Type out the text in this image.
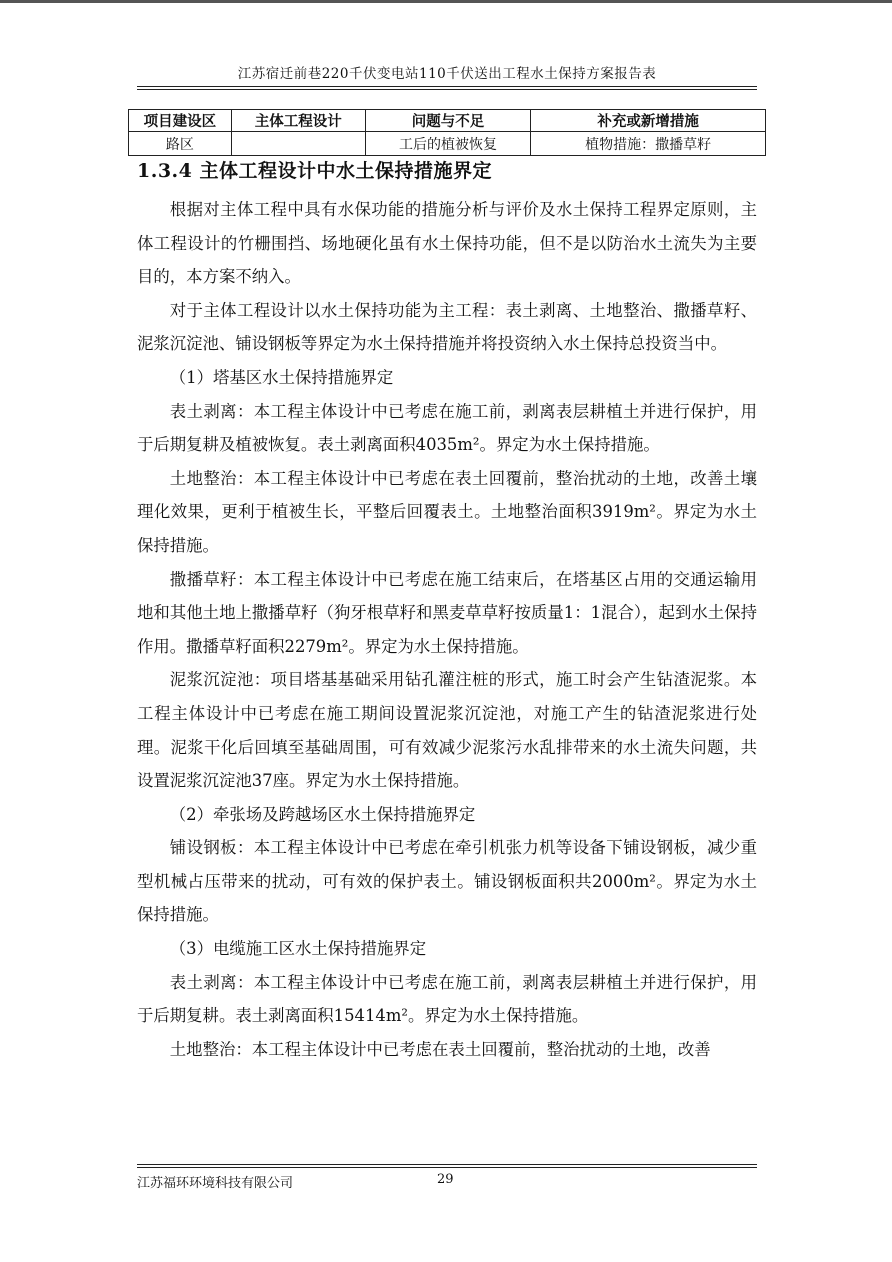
江苏宿迁前巷220千伏变电站110千伏送出工程水土保持方案报告表
项目建设区	主体工程设计	问题与不足	补充或新增措施
路区		工后的植被恢复	植物措施：撒播草籽
1.3.4 主体工程设计中水土保持措施界定

根据对主体工程中具有水保功能的措施分析与评价及水土保持工程界定原则，主体工程设计的竹栅围挡、场地硬化虽有水土保持功能，但不是以防治水土流失为主要目的，本方案不纳入。

对于主体工程设计以水土保持功能为主工程：表土剥离、土地整治、撒播草籽、泥浆沉淀池、铺设钢板等界定为水土保持措施并将投资纳入水土保持总投资当中。

（1）塔基区水土保持措施界定

表土剥离：本工程主体设计中已考虑在施工前，剥离表层耕植土并进行保护，用于后期复耕及植被恢复。表土剥离面积4035m²。界定为水土保持措施。

土地整治：本工程主体设计中已考虑在表土回覆前，整治扰动的土地，改善土壤理化效果，更利于植被生长，平整后回覆表土。土地整治面积3919m²。界定为水土保持措施。

撒播草籽：本工程主体设计中已考虑在施工结束后，在塔基区占用的交通运输用地和其他土地上撒播草籽（狗牙根草籽和黑麦草草籽按质量1：1混合），起到水土保持作用。撒播草籽面积2279m²。界定为水土保持措施。

泥浆沉淀池：项目塔基基础采用钻孔灌注桩的形式，施工时会产生钻渣泥浆。本工程主体设计中已考虑在施工期间设置泥浆沉淀池，对施工产生的钻渣泥浆进行处理。泥浆干化后回填至基础周围，可有效减少泥浆污水乱排带来的水土流失问题，共设置泥浆沉淀池37座。界定为水土保持措施。

（2）牵张场及跨越场区水土保持措施界定

铺设钢板：本工程主体设计中已考虑在牵引机张力机等设备下铺设钢板，减少重型机械占压带来的扰动，可有效的保护表土。铺设钢板面积共2000m²。界定为水土保持措施。

（3）电缆施工区水土保持措施界定

表土剥离：本工程主体设计中已考虑在施工前，剥离表层耕植土并进行保护，用于后期复耕。表土剥离面积15414m²。界定为水土保持措施。

土地整治：本工程主体设计中已考虑在表土回覆前，整治扰动的土地，改善

江苏福环环境科技有限公司	29
